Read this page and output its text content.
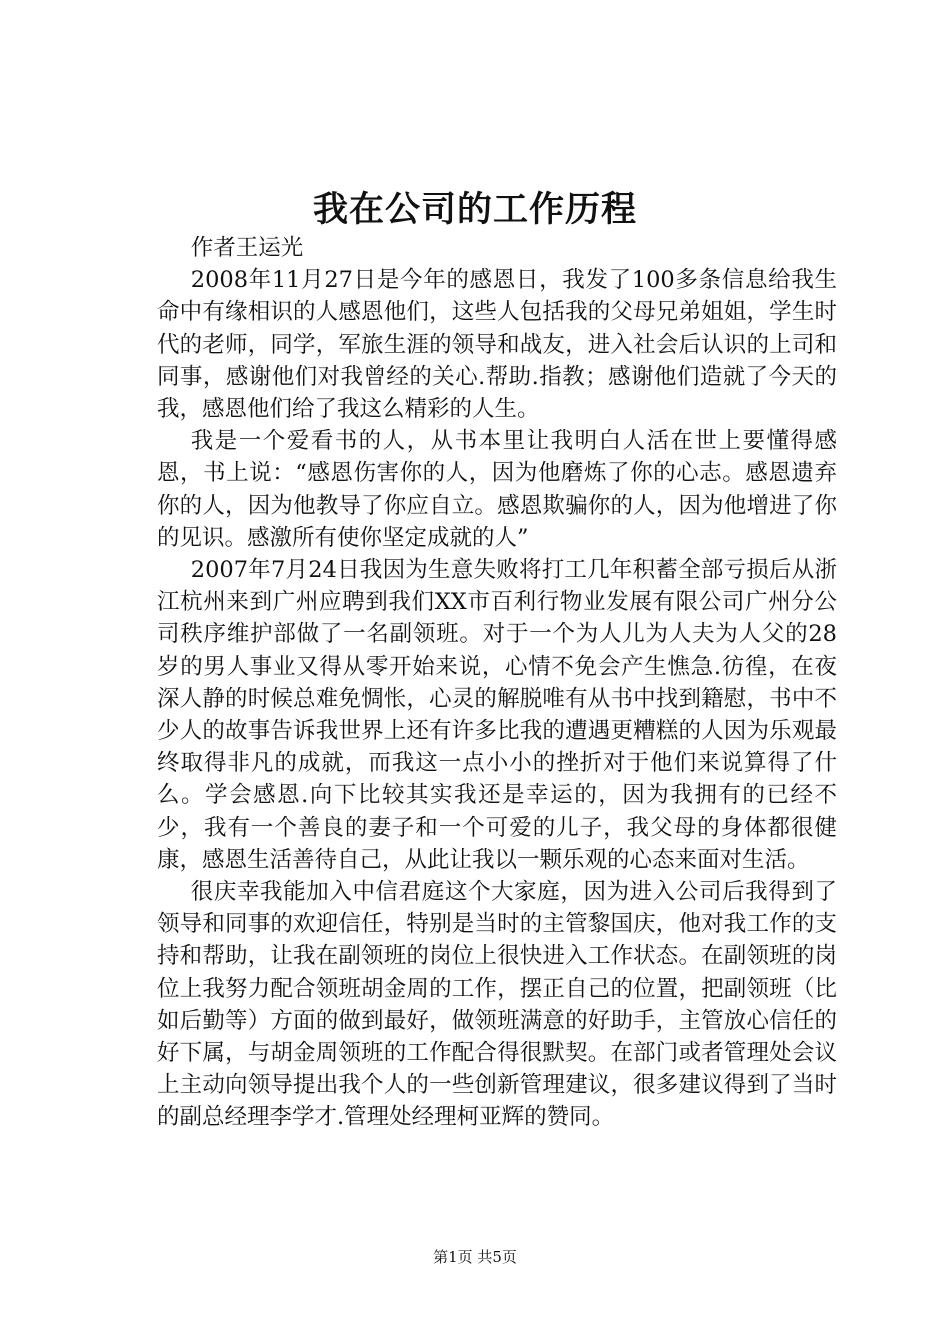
我在公司的工作历程

作者王运光

2008年11月27日是今年的感恩日，我发了100多条信息给我生命中有缘相识的人感恩他们，这些人包括我的父母兄弟姐姐，学生时代的老师，同学，军旅生涯的领导和战友，进入社会后认识的上司和同事，感谢他们对我曾经的关心.帮助.指教；感谢他们造就了今天的我，感恩他们给了我这么精彩的人生。

我是一个爱看书的人，从书本里让我明白人活在世上要懂得感恩，书上说：“感恩伤害你的人，因为他磨炼了你的心志。感恩遗弃你的人，因为他教导了你应自立。感恩欺骗你的人，因为他增进了你的见识。感激所有使你坚定成就的人”

2007年7月24日我因为生意失败将打工几年积蓄全部亏损后从浙江杭州来到广州应聘到我们XX市百利行物业发展有限公司广州分公司秩序维护部做了一名副领班。对于一个为人儿为人夫为人父的28岁的男人事业又得从零开始来说，心情不免会产生憔急.彷徨，在夜深人静的时候总难免惆怅，心灵的解脱唯有从书中找到籍慰，书中不少人的故事告诉我世界上还有许多比我的遭遇更糟糕的人因为乐观最终取得非凡的成就，而我这一点小小的挫折对于他们来说算得了什么。学会感恩.向下比较其实我还是幸运的，因为我拥有的已经不少，我有一个善良的妻子和一个可爱的儿子，我父母的身体都很健康，感恩生活善待自己，从此让我以一颗乐观的心态来面对生活。

很庆幸我能加入中信君庭这个大家庭，因为进入公司后我得到了领导和同事的欢迎信任，特别是当时的主管黎国庆，他对我工作的支持和帮助，让我在副领班的岗位上很快进入工作状态。在副领班的岗位上我努力配合领班胡金周的工作，摆正自己的位置，把副领班（比如后勤等）方面的做到最好，做领班满意的好助手，主管放心信任的好下属，与胡金周领班的工作配合得很默契。在部门或者管理处会议上主动向领导提出我个人的一些创新管理建议，很多建议得到了当时的副总经理李学才.管理处经理柯亚辉的赞同。

第1页 共5页
